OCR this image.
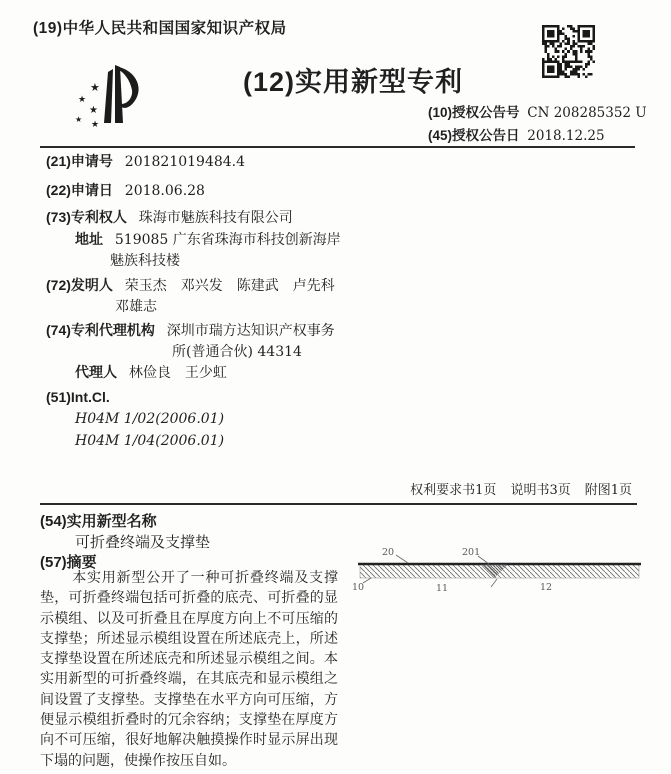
(19)中华人民共和国国家知识产权局
★
★
★
★ ★
(12)实用新型专利
(10)授权公告号 CN 208285352 U
(45)授权公告日 2018.12.25
(21)申请号 201821019484.4
(22)申请日 2018.06.28
(73)专利权人 珠海市魅族科技有限公司
地址 519085 广东省珠海市科技创新海岸
魅族科技楼
(72)发明人 荣玉杰　邓兴发　陈建武　卢先科
邓雄志
(74)专利代理机构 深圳市瑞方达知识产权事务
所(普通合伙) 44314
代理人 林俭良　王少虹
(51)Int.Cl.
H04M 1/02(2006.01)
H04M 1/04(2006.01)
权利要求书1页 说明书3页 附图1页
(54)实用新型名称
可折叠终端及支撑垫
(57)摘要
本实用新型公开了一种可折叠终端及支撑垫，可折叠终端包括可折叠的底壳、可折叠的显示模组、以及可折叠且在厚度方向上不可压缩的支撑垫；所述显示模组设置在所述底壳上，所述支撑垫设置在所述底壳和所述显示模组之间。本实用新型的可折叠终端，在其底壳和显示模组之间设置了支撑垫。支撑垫在水平方向可压缩，方便显示模组折叠时的冗余容纳；支撑垫在厚度方向不可压缩，很好地解决触摸操作时显示屏出现下塌的问题，使操作按压自如。
20	201
10	11	12
